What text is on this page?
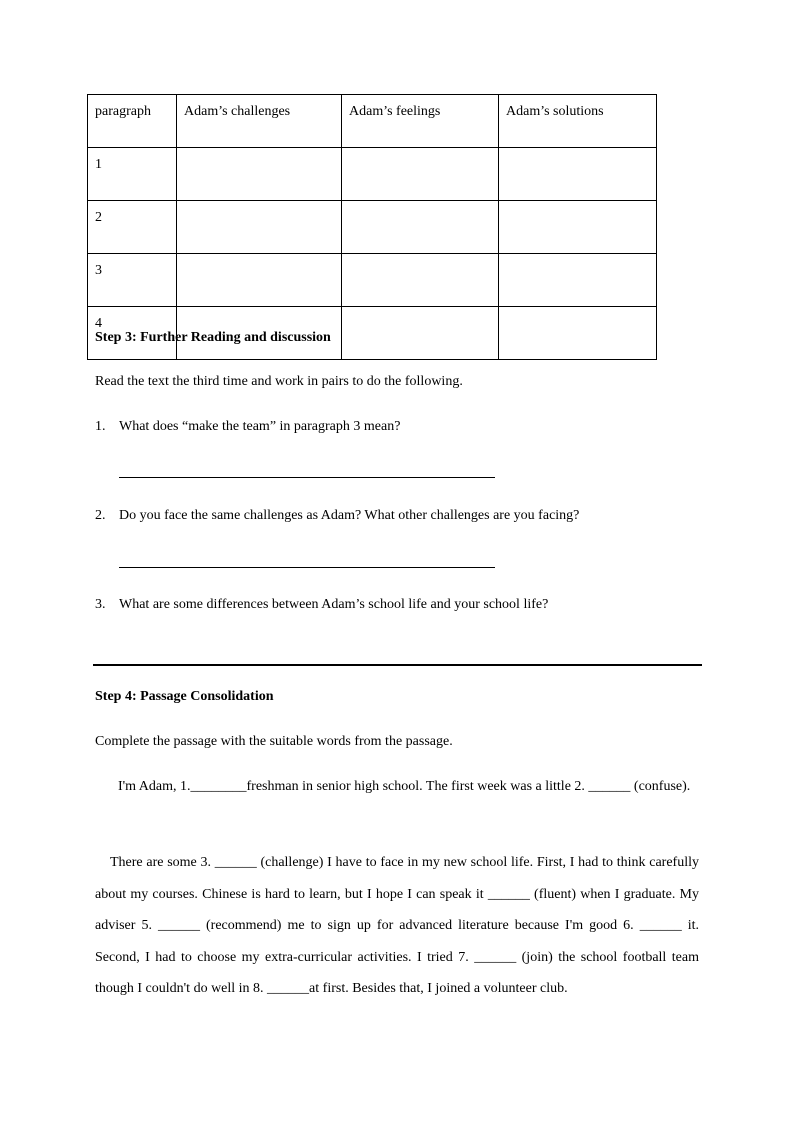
paragraph	Adam’s challenges	Adam’s feelings	Adam’s solutions
1			
2			
3			
4			
Step 3: Further Reading and discussion
Read the text the third time and work in pairs to do the following.
1. What does “make the team” in paragraph 3 mean?
2. Do you face the same challenges as Adam? What other challenges are you facing?
3. What are some differences between Adam’s school life and your school life?
Step 4: Passage Consolidation
Complete the passage with the suitable words from the passage.
I'm Adam, 1.________freshman in senior high school. The first week was a little 2. ______ (confuse).
There are some 3. ______ (challenge) I have to face in my new school life. First, I had to think carefully about my courses. Chinese is hard to learn, but I hope I can speak it ______ (fluent) when I graduate. My adviser 5. ______ (recommend) me to sign up for advanced literature because I'm good 6. ______ it. Second, I had to choose my extra-curricular activities. I tried 7. ______ (join) the school football team though I couldn't do well in 8. ______at first. Besides that, I joined a volunteer club.
